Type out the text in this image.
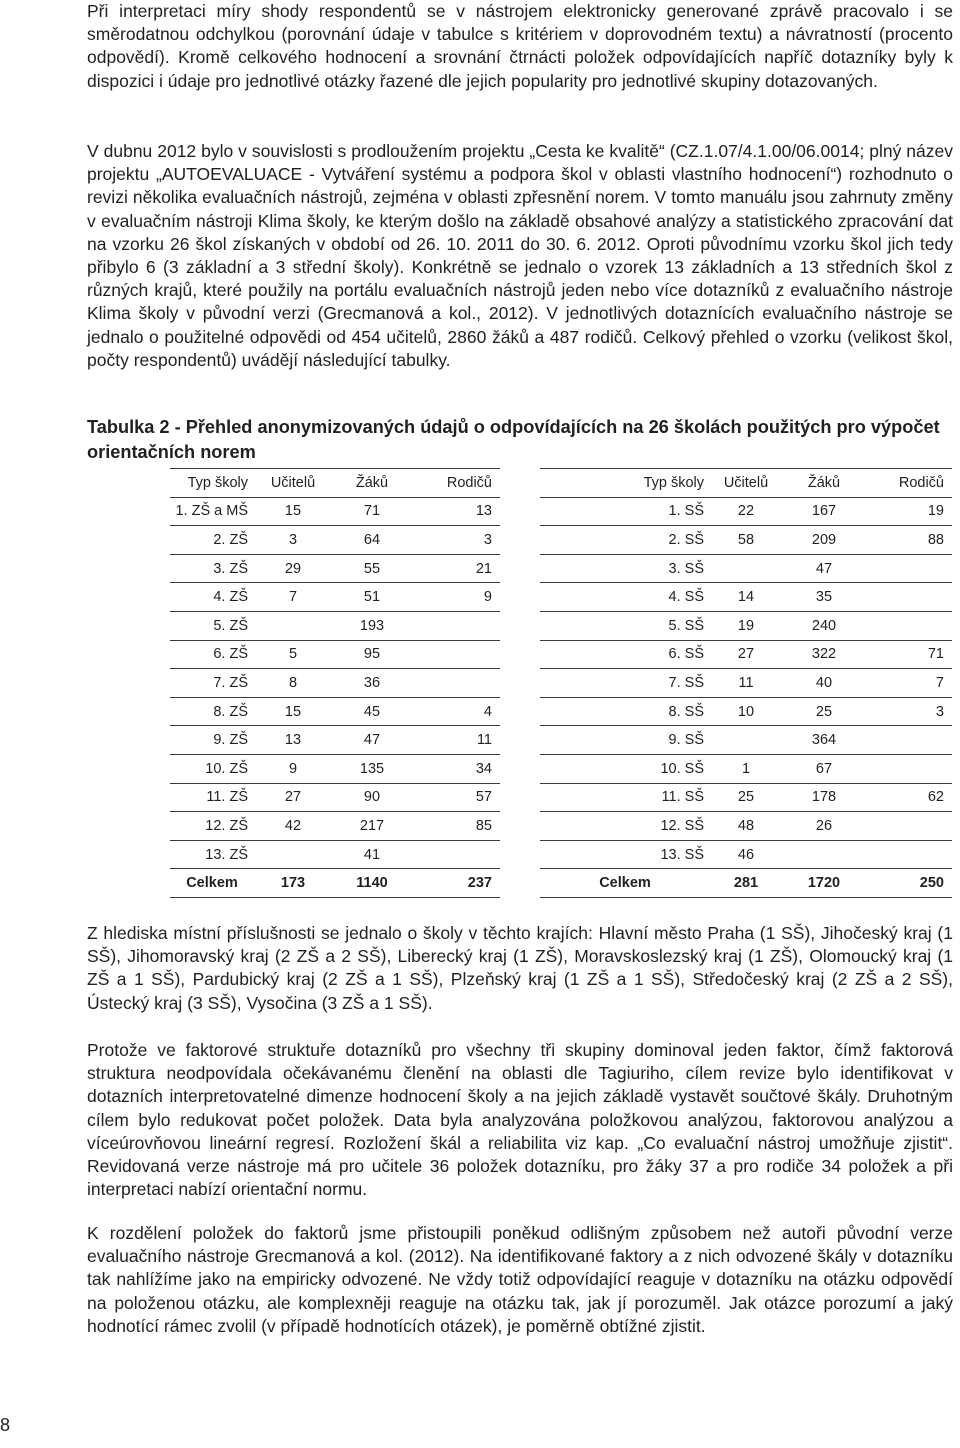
Při interpretaci míry shody respondentů se v nástrojem elektronicky generované zprávě pracovalo i se směrodatnou odchylkou (porovnání údaje v tabulce s kritériem v doprovodném textu) a návratností (procento odpovědí). Kromě celkového hodnocení a srovnání čtrnácti položek odpovídajících napříč dotazníky byly k dispozici i údaje pro jednotlivé otázky řazené dle jejich popularity pro jednotlivé skupiny dotazovaných.

V dubnu 2012 bylo v souvislosti s prodloužením projektu „Cesta ke kvalitě“ (CZ.1.07/4.1.00/06.0014; plný název projektu „AUTOEVALUACE - Vytváření systému a podpora škol v oblasti vlastního hodnocení“) rozhodnuto o revizi několika evaluačních nástrojů, zejména v oblasti zpřesnění norem. V tomto manuálu jsou zahrnuty změny v evaluačním nástroji Klima školy, ke kterým došlo na základě obsahové analýzy a statistického zpracování dat na vzorku 26 škol získaných v období od 26. 10. 2011 do 30. 6. 2012. Oproti původnímu vzorku škol jich tedy přibylo 6 (3 základní a 3 střední školy). Konkrétně se jednalo o vzorek 13 základních a 13 středních škol z různých krajů, které použily na portálu evaluačních nástrojů jeden nebo více dotazníků z evaluačního nástroje Klima školy v původní verzi (Grecmanová a kol., 2012). V jednotlivých dotaznících evaluačního nástroje se jednalo o použitelné odpovědi od 454 učitelů, 2860 žáků a 487 rodičů. Celkový přehled o vzorku (velikost škol, počty respondentů) uvádějí následující tabulky.

Tabulka 2 - Přehled anonymizovaných údajů o odpovídajících na 26 školách použitých pro výpočet orientačních norem

Typ školy	Učitelů	Žáků	Rodičů
1. ZŠ a MŠ	15	71	13
2. ZŠ	3	64	3
3. ZŠ	29	55	21
4. ZŠ	7	51	9
5. ZŠ		193	
6. ZŠ	5	95	
7. ZŠ	8	36	
8. ZŠ	15	45	4
9. ZŠ	13	47	11
10. ZŠ	9	135	34
11. ZŠ	27	90	57
12. ZŠ	42	217	85
13. ZŠ		41	
Celkem	173	1140	237
Typ školy	Učitelů	Žáků	Rodičů
1. SŠ	22	167	19
2. SŠ	58	209	88
3. SŠ		47	
4. SŠ	14	35	
5. SŠ	19	240	
6. SŠ	27	322	71
7. SŠ	11	40	7
8. SŠ	10	25	3
9. SŠ		364	
10. SŠ	1	67	
11. SŠ	25	178	62
12. SŠ	48	26	
13. SŠ	46		
Celkem	281	1720	250

Z hlediska místní příslušnosti se jednalo o školy v těchto krajích: Hlavní město Praha (1 SŠ), Jihočeský kraj (1 SŠ), Jihomoravský kraj (2 ZŠ a 2 SŠ), Liberecký kraj (1 ZŠ), Moravskoslezský kraj (1 ZŠ), Olomoucký kraj (1 ZŠ a 1 SŠ), Pardubický kraj (2 ZŠ a 1 SŠ), Plzeňský kraj (1 ZŠ a 1 SŠ), Středočeský kraj (2 ZŠ a 2 SŠ), Ústecký kraj (3 SŠ), Vysočina (3 ZŠ a 1 SŠ).

Protože ve faktorové struktuře dotazníků pro všechny tři skupiny dominoval jeden faktor, čímž faktorová struktura neodpovídala očekávanému členění na oblasti dle Tagiuriho, cílem revize bylo identifikovat v dotazních interpretovatelné dimenze hodnocení školy a na jejich základě vystavět součtové škály. Druhotným cílem bylo redukovat počet položek. Data byla analyzována položkovou analýzou, faktorovou analýzou a víceúrovňovou lineární regresí. Rozložení škál a reliabilita viz kap. „Co evaluační nástroj umožňuje zjistit“. Revidovaná verze nástroje má pro učitele 36 položek dotazníku, pro žáky 37 a pro rodiče 34 položek a při interpretaci nabízí orientační normu.

K rozdělení položek do faktorů jsme přistoupili poněkud odlišným způsobem než autoři původní verze evaluačního nástroje Grecmanová a kol. (2012). Na identifikované faktory a z nich odvozené škály v dotazníku tak nahlížíme jako na empiricky odvozené. Ne vždy totiž odpovídající reaguje v dotazníku na otázku odpovědí na položenou otázku, ale komplexněji reaguje na otázku tak, jak jí porozuměl. Jak otázce porozumí a jaký hodnotící rámec zvolil (v případě hodnotících otázek), je poměrně obtížné zjistit.

8
